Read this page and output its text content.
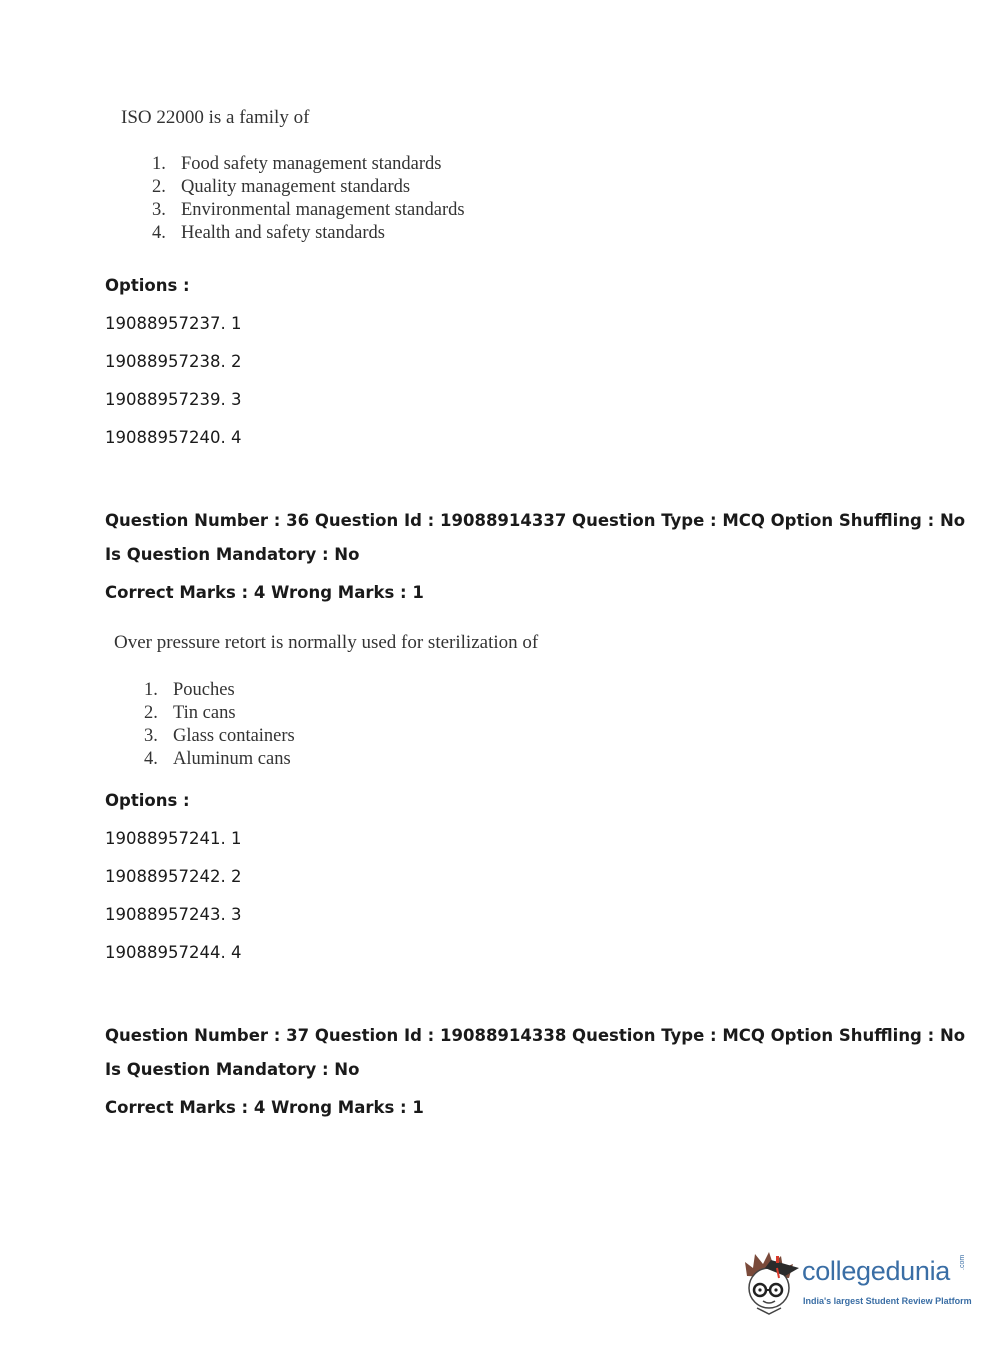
ISO 22000 is a family of

1. Food safety management standards
2. Quality management standards
3. Environmental management standards
4. Health and safety standards
Options :
19088957237. 1
19088957238. 2
19088957239. 3
19088957240. 4
Question Number : 36 Question Id : 19088914337 Question Type : MCQ Option Shuffling : No
Is Question Mandatory : No
Correct Marks : 4 Wrong Marks : 1

Over pressure retort is normally used for sterilization of

1. Pouches
2. Tin cans
3. Glass containers
4. Aluminum cans
Options :
19088957241. 1
19088957242. 2
19088957243. 3
19088957244. 4
Question Number : 37 Question Id : 19088914338 Question Type : MCQ Option Shuffling : No
Is Question Mandatory : No
Correct Marks : 4 Wrong Marks : 1
collegedunia .com
India's largest Student Review Platform
